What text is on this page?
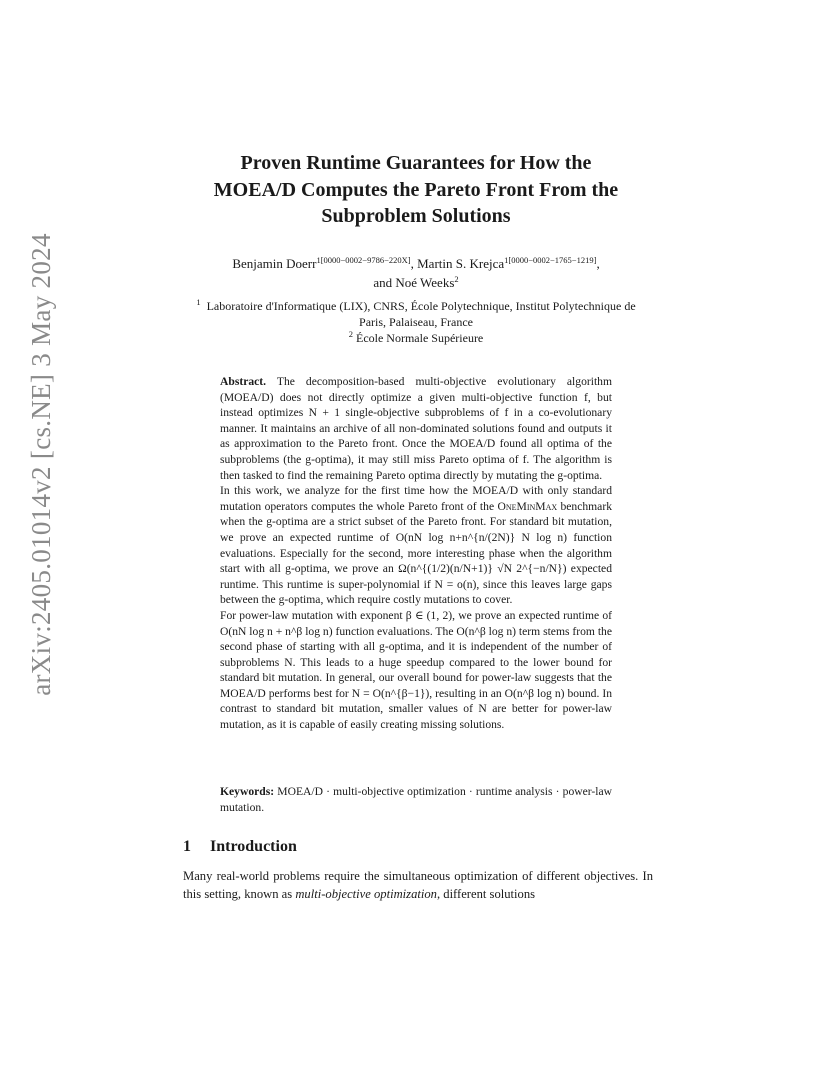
arXiv:2405.01014v2 [cs.NE] 3 May 2024
Proven Runtime Guarantees for How the
MOEA/D Computes the Pareto Front From the
Subproblem Solutions
Benjamin Doerr$^{1[0000-0002-9786-220X]}$, Martin S. Krejca$^{1[0000-0002-1765-1219]}$,
and Noé Weeks$^2$
$^1$ Laboratoire d'Informatique (LIX), CNRS, École Polytechnique, Institut Polytechnique de Paris, Palaiseau, France
$^2$ École Normale Supérieure

Abstract. The decomposition-based multi-objective evolutionary algorithm (MOEA/D) does not directly optimize a given multi-objective function f, but instead optimizes N + 1 single-objective subproblems of f in a co-evolutionary manner. It maintains an archive of all non-dominated solutions found and outputs it as approximation to the Pareto front. Once the MOEA/D found all optima of the subproblems (the g-optima), it may still miss Pareto optima of f. The algorithm is then tasked to find the remaining Pareto optima directly by mutating the g-optima.

In this work, we analyze for the first time how the MOEA/D with only standard mutation operators computes the whole Pareto front of the OneMinMax benchmark when the g-optima are a strict subset of the Pareto front. For standard bit mutation, we prove an expected runtime of O(nN log n+n^{n/(2N)} N log n) function evaluations. Especially for the second, more interesting phase when the algorithm start with all g-optima, we prove an Ω(n^{(1/2)(n/N+1)} √N 2^{−n/N}) expected runtime. This runtime is super-polynomial if N = o(n), since this leaves large gaps between the g-optima, which require costly mutations to cover.

For power-law mutation with exponent β ∈ (1, 2), we prove an expected runtime of O(nN log n + n^β log n) function evaluations. The O(n^β log n) term stems from the second phase of starting with all g-optima, and it is independent of the number of subproblems N. This leads to a huge speedup compared to the lower bound for standard bit mutation. In general, our overall bound for power-law suggests that the MOEA/D performs best for N = O(n^{β−1}), resulting in an O(n^β log n) bound. In contrast to standard bit mutation, smaller values of N are better for power-law mutation, as it is capable of easily creating missing solutions.

Keywords: MOEA/D · multi-objective optimization · runtime analysis · power-law mutation.
1 Introduction
Many real-world problems require the simultaneous optimization of different objectives. In this setting, known as multi-objective optimization, different solutions
